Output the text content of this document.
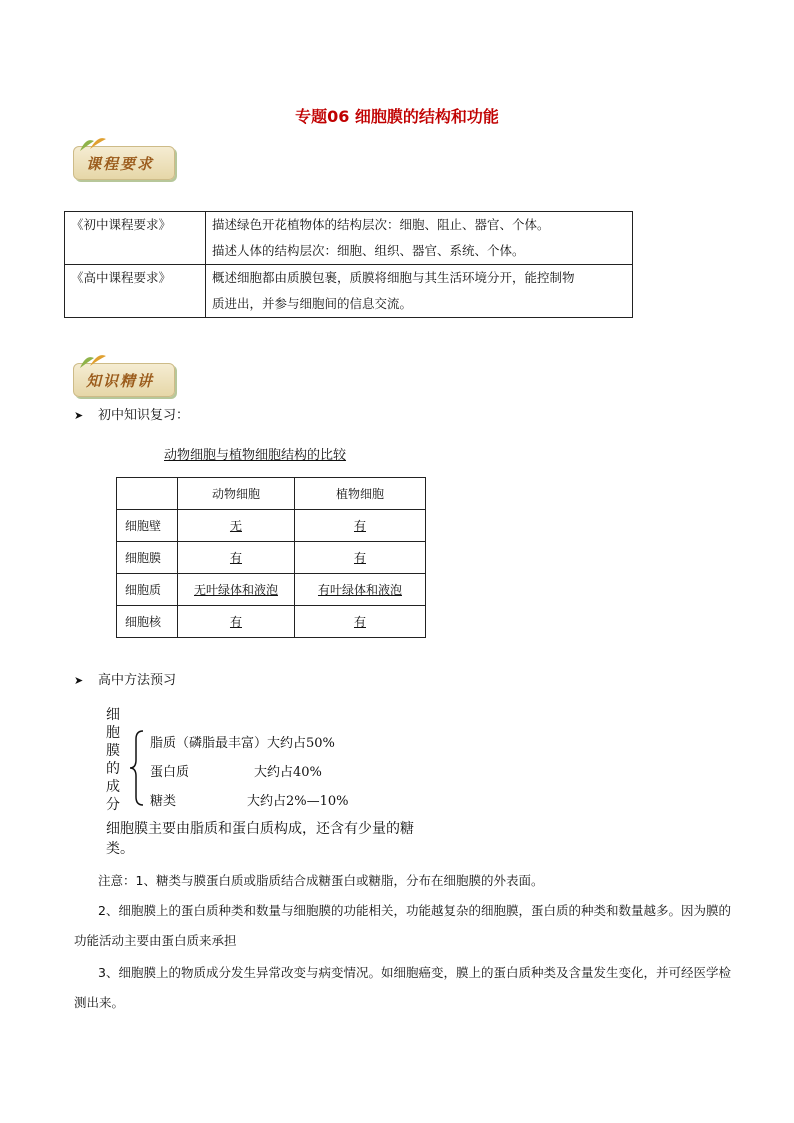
专题06 细胞膜的结构和功能
课程要求
《初中课程要求》	描述绿色开花植物体的结构层次：细胞、阻止、器官、个体。
描述人体的结构层次：细胞、组织、器官、系统、个体。

《高中课程要求》	概述细胞都由质膜包裹，质膜将细胞与其生活环境分开，能控制物
质进出，并参与细胞间的信息交流。
知识精讲
➤ 初中知识复习：
动物细胞与植物细胞结构的比较
	动物细胞	植物细胞
细胞壁	无	有
细胞膜	有	有
细胞质	无叶绿体和液泡	有叶绿体和液泡
细胞核	有	有
➤ 高中方法预习
细
胞
膜
的
成
分
脂质（磷脂最丰富）大约占50%
蛋白质	大约占40%
糖类	大约占2%—10%
细胞膜主要由脂质和蛋白质构成，还含有少量的糖类。
注意：1、糖类与膜蛋白质或脂质结合成糖蛋白或糖脂，分布在细胞膜的外表面。
2、细胞膜上的蛋白质种类和数量与细胞膜的功能相关，功能越复杂的细胞膜，蛋白质的种类和数量越多。因为膜的功能活动主要由蛋白质来承担
3、细胞膜上的物质成分发生异常改变与病变情况。如细胞癌变，膜上的蛋白质种类及含量发生变化，并可经医学检测出来。
